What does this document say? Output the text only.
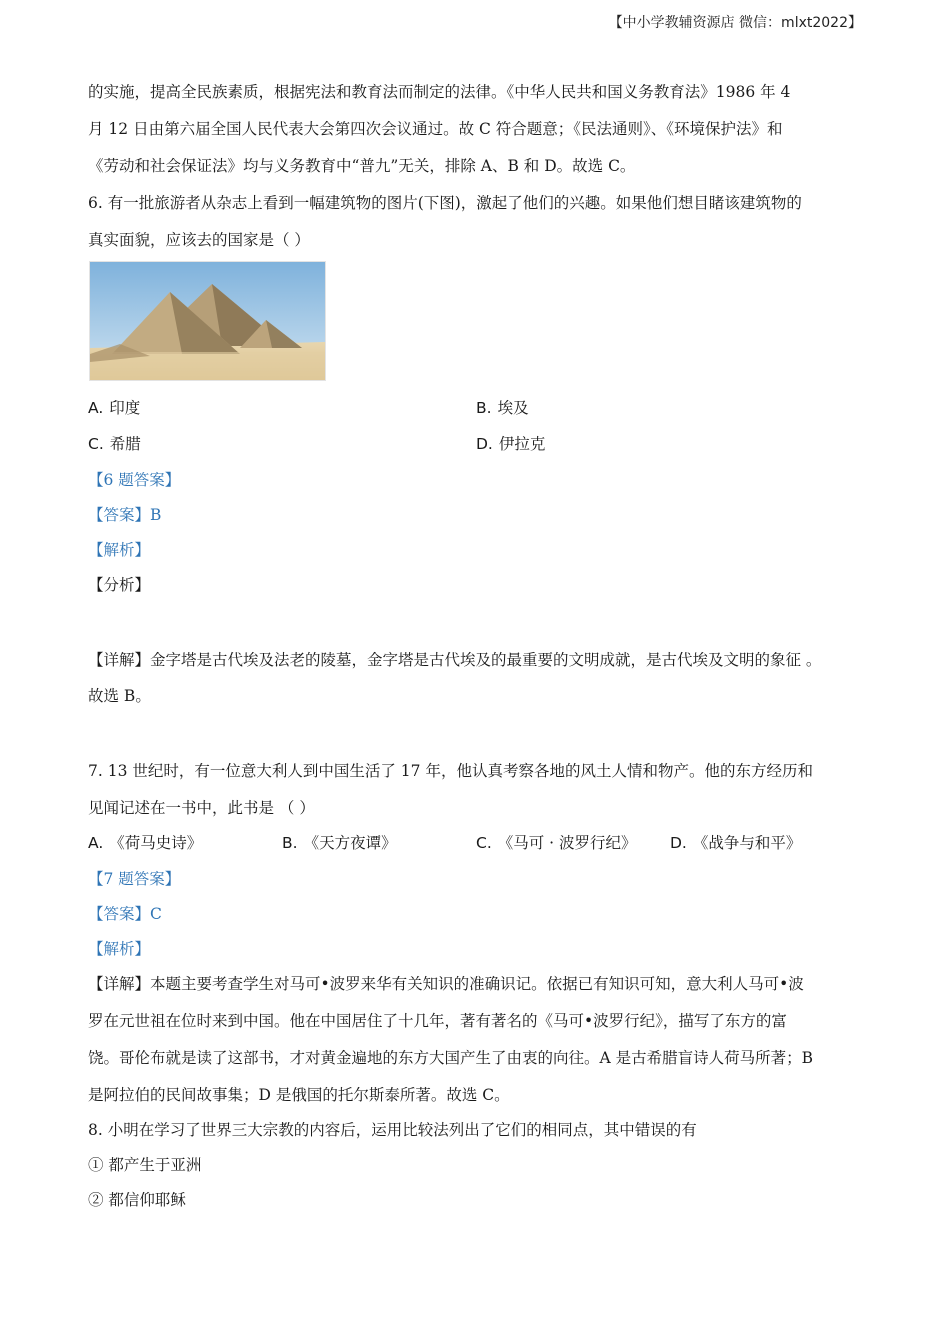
【中小学教辅资源店 微信：mlxt2022】
的实施，提高全民族素质，根据宪法和教育法而制定的法律。《中华人民共和国义务教育法》1986 年 4
月 12 日由第六届全国人民代表大会第四次会议通过。故 C 符合题意；《民法通则》、《环境保护法》和
《劳动和社会保证法》均与义务教育中“普九”无关，排除 A、B 和 D。故选 C。
6. 有一批旅游者从杂志上看到一幅建筑物的图片(下图)，激起了他们的兴趣。如果他们想目睹该建筑物的
真实面貌，应该去的国家是（ ）
A. 印度	B. 埃及
C. 希腊	D. 伊拉克
【6 题答案】
【答案】B
【解析】
【分析】
【详解】金字塔是古代埃及法老的陵墓，金字塔是古代埃及的最重要的文明成就，是古代埃及文明的象征 。
故选 B。
7. 13 世纪时，有一位意大利人到中国生活了 17 年，他认真考察各地的风土人情和物产。他的东方经历和
见闻记述在一书中，此书是 （ ）
A. 《荷马史诗》	B. 《天方夜谭》	C. 《马可 · 波罗行纪》 D. 《战争与和平》
【7 题答案】
【答案】C
【解析】
【详解】本题主要考查学生对马可•波罗来华有关知识的准确识记。依据已有知识可知，意大利人马可•波
罗在元世祖在位时来到中国。他在中国居住了十几年，著有著名的《马可•波罗行纪》，描写了东方的富
饶。哥伦布就是读了这部书，才对黄金遍地的东方大国产生了由衷的向往。A 是古希腊盲诗人荷马所著；B
是阿拉伯的民间故事集；D 是俄国的托尔斯泰所著。故选 C。
8. 小明在学习了世界三大宗教的内容后，运用比较法列出了它们的相同点，其中错误的有
① 都产生于亚洲
② 都信仰耶稣
